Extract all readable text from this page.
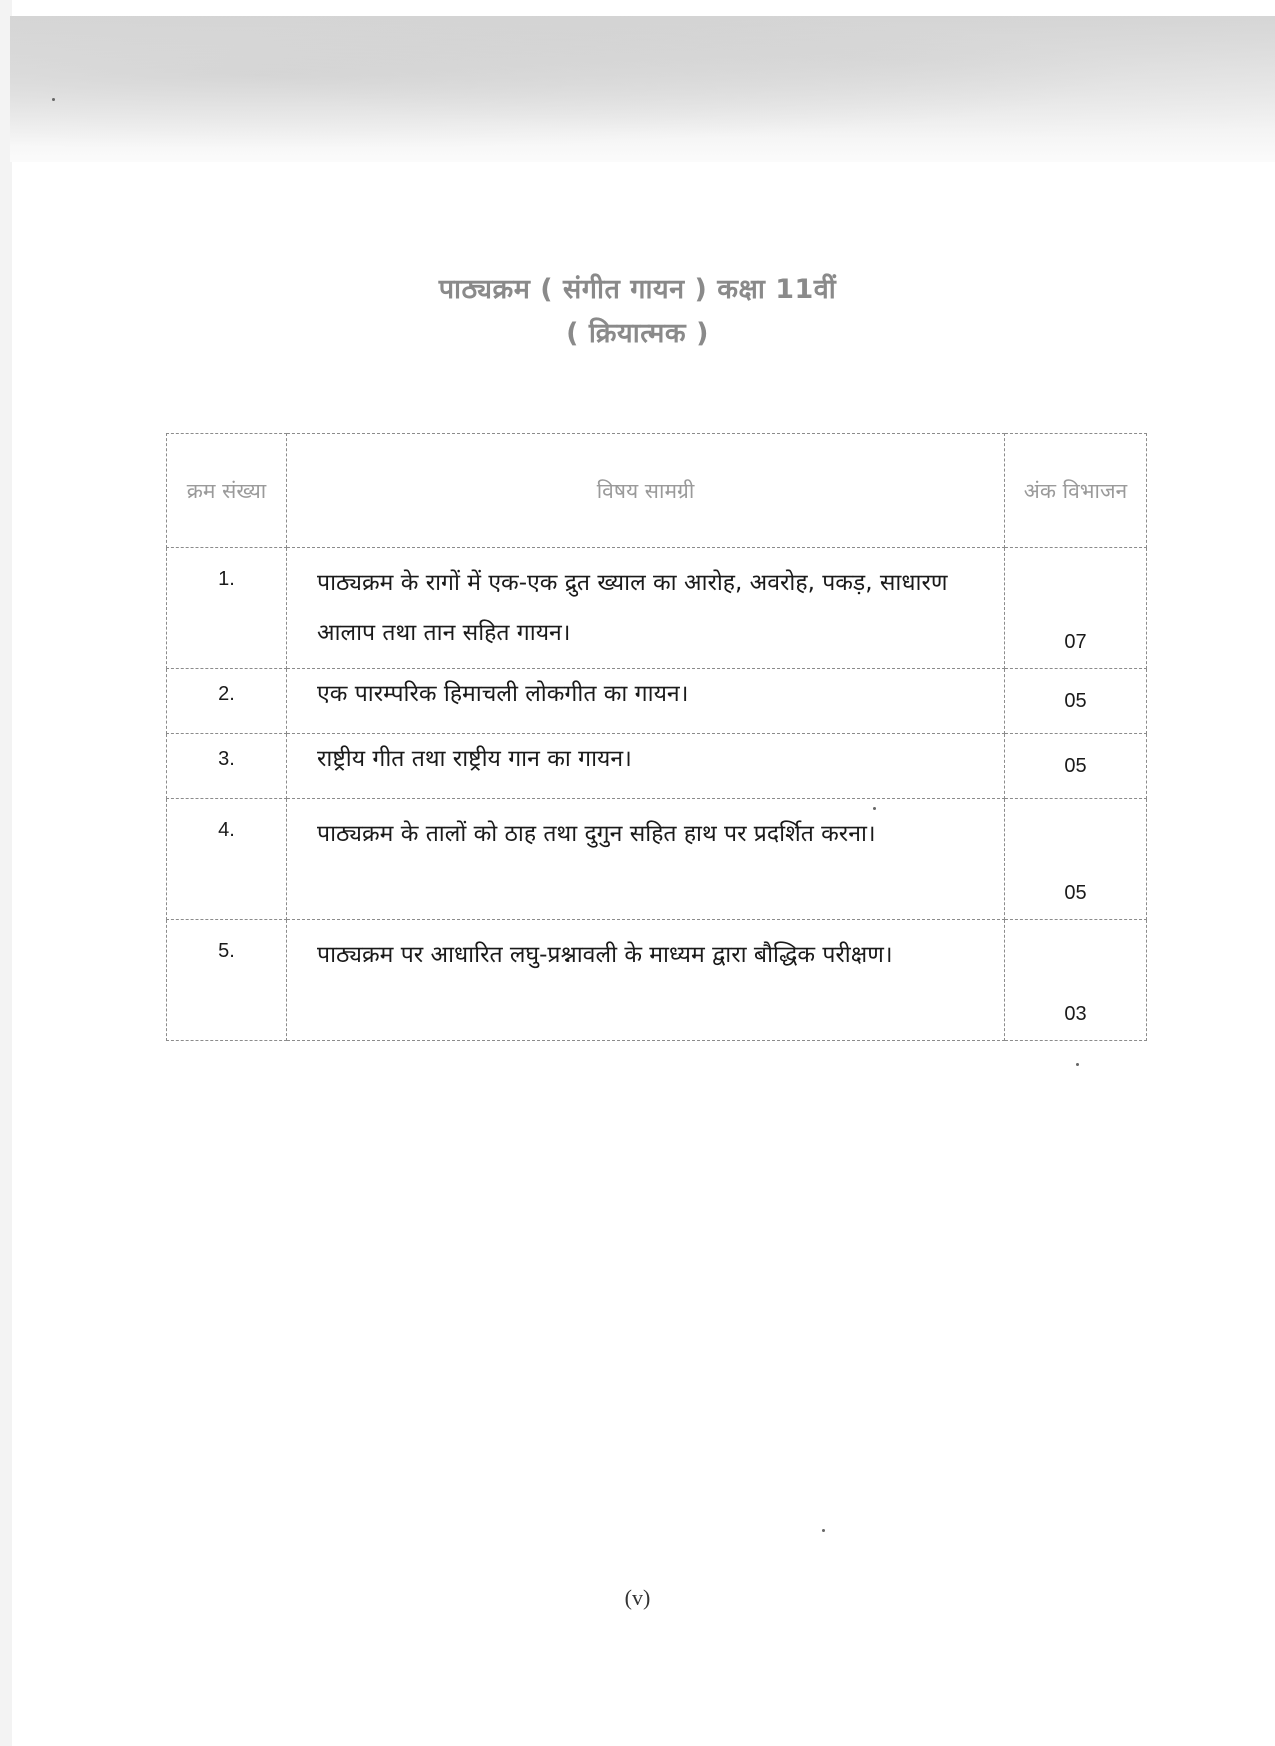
पाठ्यक्रम ( संगीत गायन ) कक्षा 11वीं
( क्रियात्मक )
क्रम संख्या	विषय सामग्री	अंक विभाजन
1.	पाठ्यक्रम के रागों में एक-एक द्रुत ख्याल का आरोह, अवरोह, पकड़, साधारण आलाप तथा तान सहित गायन।	07
2.	एक पारम्परिक हिमाचली लोकगीत का गायन।	05
3.	राष्ट्रीय गीत तथा राष्ट्रीय गान का गायन।	05
4.	पाठ्यक्रम के तालों को ठाह तथा दुगुन सहित हाथ पर प्रदर्शित करना।	05
5.	पाठ्यक्रम पर आधारित लघु-प्रश्नावली के माध्यम द्वारा बौद्धिक परीक्षण।	03
(v)
